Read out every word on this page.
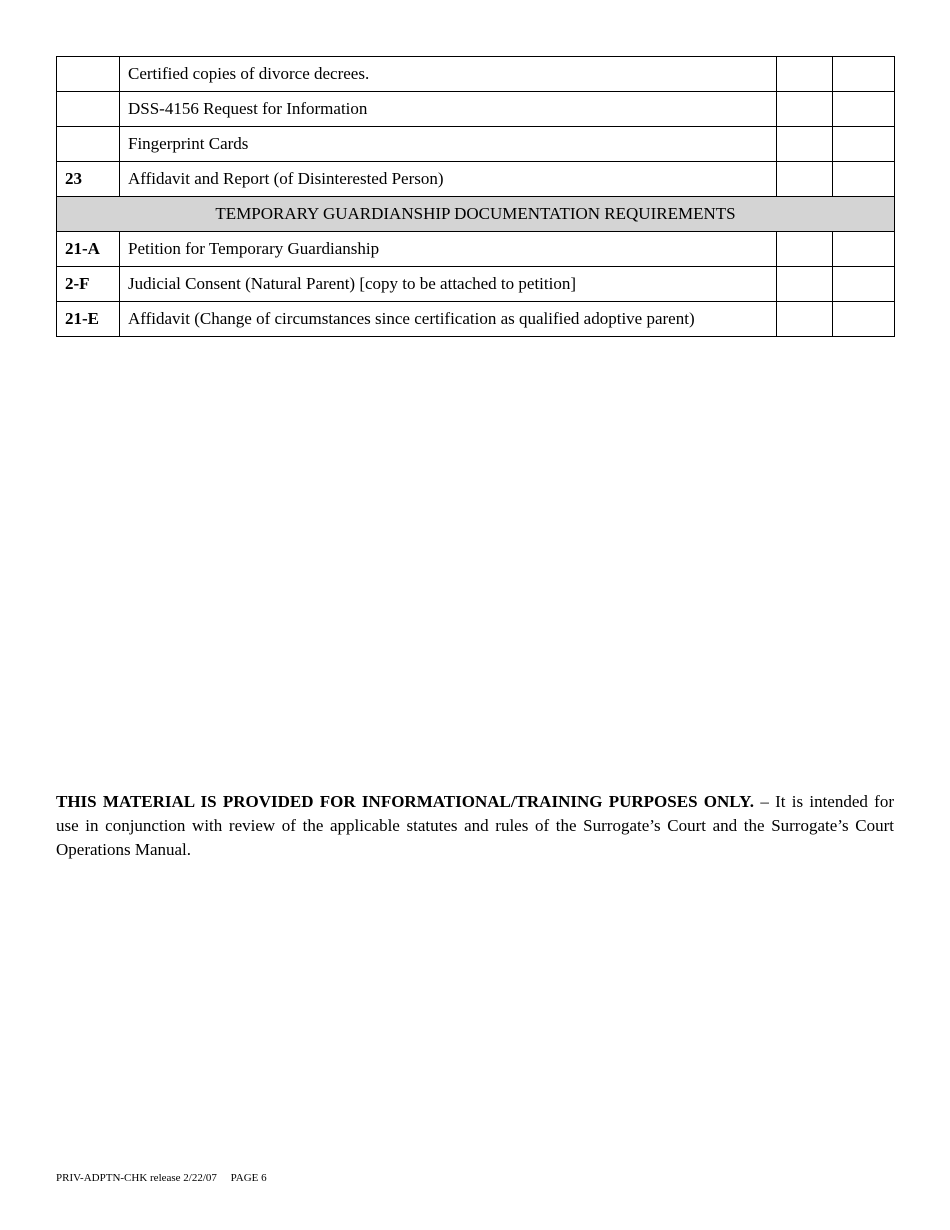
	Certified copies of divorce decrees.		
	DSS-4156 Request for Information		
	Fingerprint Cards		
23	Affidavit and Report (of Disinterested Person)		
TEMPORARY GUARDIANSHIP DOCUMENTATION REQUIREMENTS			
21-A	Petition for Temporary Guardianship		
2-F	Judicial Consent (Natural Parent) [copy to be attached to petition]		
21-E	Affidavit (Change of circumstances since certification as qualified adoptive parent)		

THIS MATERIAL IS PROVIDED FOR INFORMATIONAL/TRAINING PURPOSES ONLY. – It is intended for use in conjunction with review of the applicable statutes and rules of the Surrogate’s Court and the Surrogate’s Court Operations Manual.

PRIV-ADPTN-CHK release 2/22/07     PAGE 6
